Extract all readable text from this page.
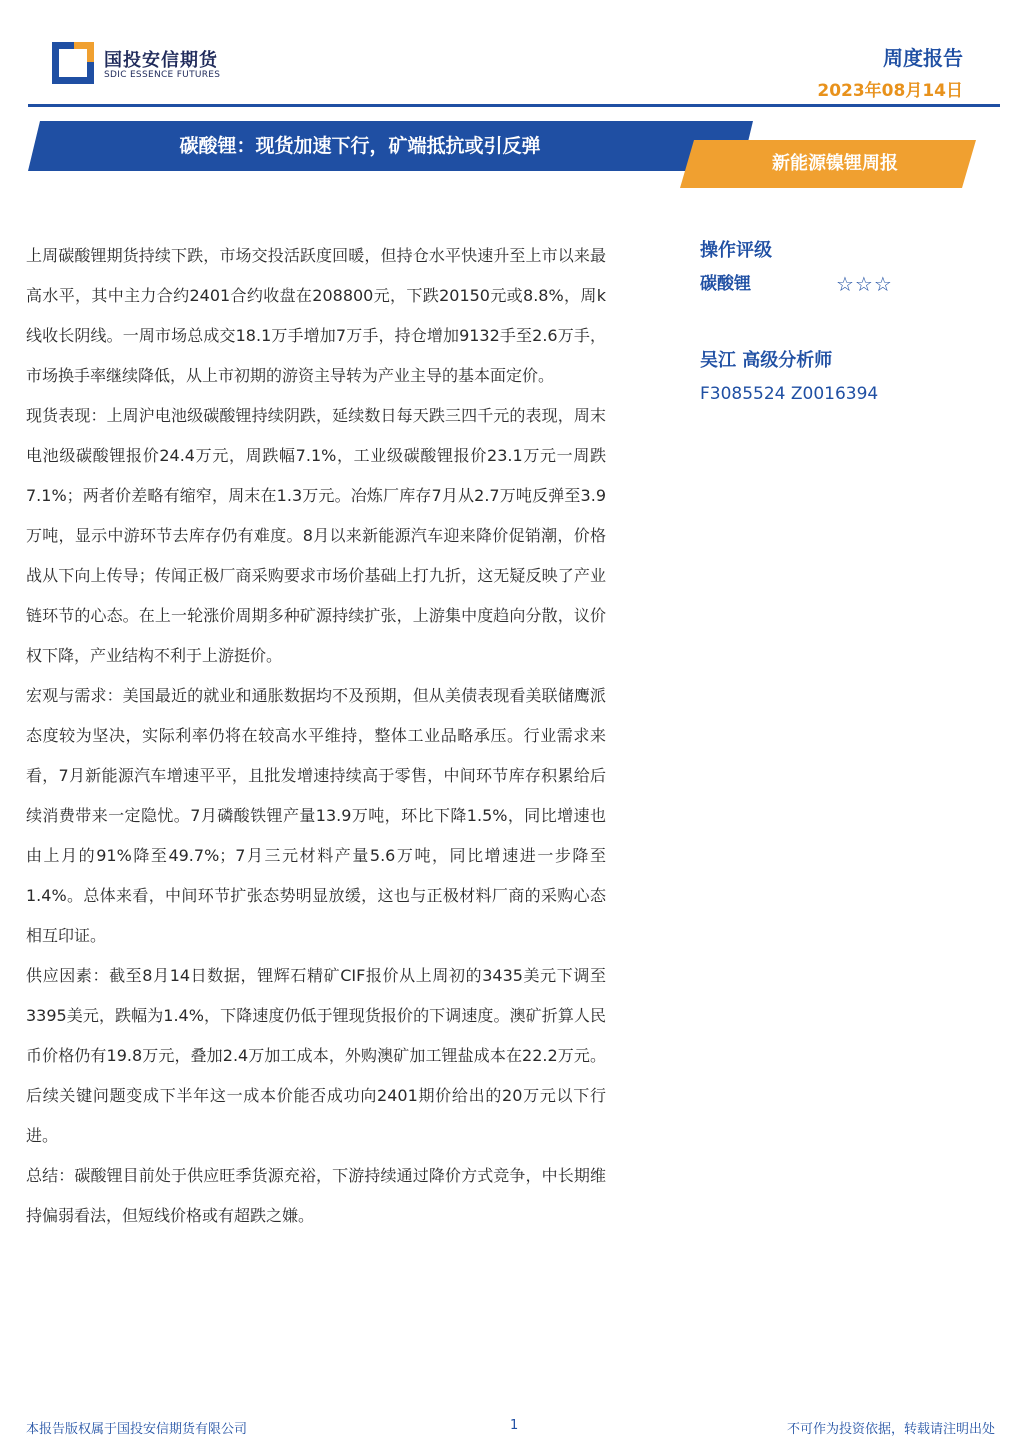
国投安信期货
SDIC ESSENCE FUTURES
周度报告
2023年08月14日
碳酸锂：现货加速下行，矿端抵抗或引反弹
新能源镍锂周报

上周碳酸锂期货持续下跌，市场交投活跃度回暖，但持仓水平快速升至上市以来最高水平，其中主力合约2401合约收盘在208800元，下跌20150元或8.8%，周k线收长阴线。一周市场总成交18.1万手增加7万手，持仓增加9132手至2.6万手，市场换手率继续降低，从上市初期的游资主导转为产业主导的基本面定价。

现货表现：上周沪电池级碳酸锂持续阴跌，延续数日每天跌三四千元的表现，周末电池级碳酸锂报价24.4万元，周跌幅7.1%，工业级碳酸锂报价23.1万元一周跌7.1%；两者价差略有缩窄，周末在1.3万元。冶炼厂库存7月从2.7万吨反弹至3.9万吨，显示中游环节去库存仍有难度。8月以来新能源汽车迎来降价促销潮，价格战从下向上传导；传闻正极厂商采购要求市场价基础上打九折，这无疑反映了产业链环节的心态。在上一轮涨价周期多种矿源持续扩张，上游集中度趋向分散，议价权下降，产业结构不利于上游挺价。

宏观与需求：美国最近的就业和通胀数据均不及预期，但从美债表现看美联储鹰派态度较为坚决，实际利率仍将在较高水平维持，整体工业品略承压。行业需求来看，7月新能源汽车增速平平，且批发增速持续高于零售，中间环节库存积累给后续消费带来一定隐忧。7月磷酸铁锂产量13.9万吨，环比下降1.5%，同比增速也由上月的91%降至49.7%；7月三元材料产量5.6万吨，同比增速进一步降至1.4%。总体来看，中间环节扩张态势明显放缓，这也与正极材料厂商的采购心态相互印证。

供应因素：截至8月14日数据，锂辉石精矿CIF报价从上周初的3435美元下调至3395美元，跌幅为1.4%，下降速度仍低于锂现货报价的下调速度。澳矿折算人民币价格仍有19.8万元，叠加2.4万加工成本，外购澳矿加工锂盐成本在22.2万元。后续关键问题变成下半年这一成本价能否成功向2401期价给出的20万元以下行进。

总结：碳酸锂目前处于供应旺季货源充裕，下游持续通过降价方式竞争，中长期维持偏弱看法，但短线价格或有超跌之嫌。

操作评级
碳酸锂	☆☆☆
吴江 高级分析师
F3085524 Z0016394
本报告版权属于国投安信期货有限公司	1	不可作为投资依据，转载请注明出处
